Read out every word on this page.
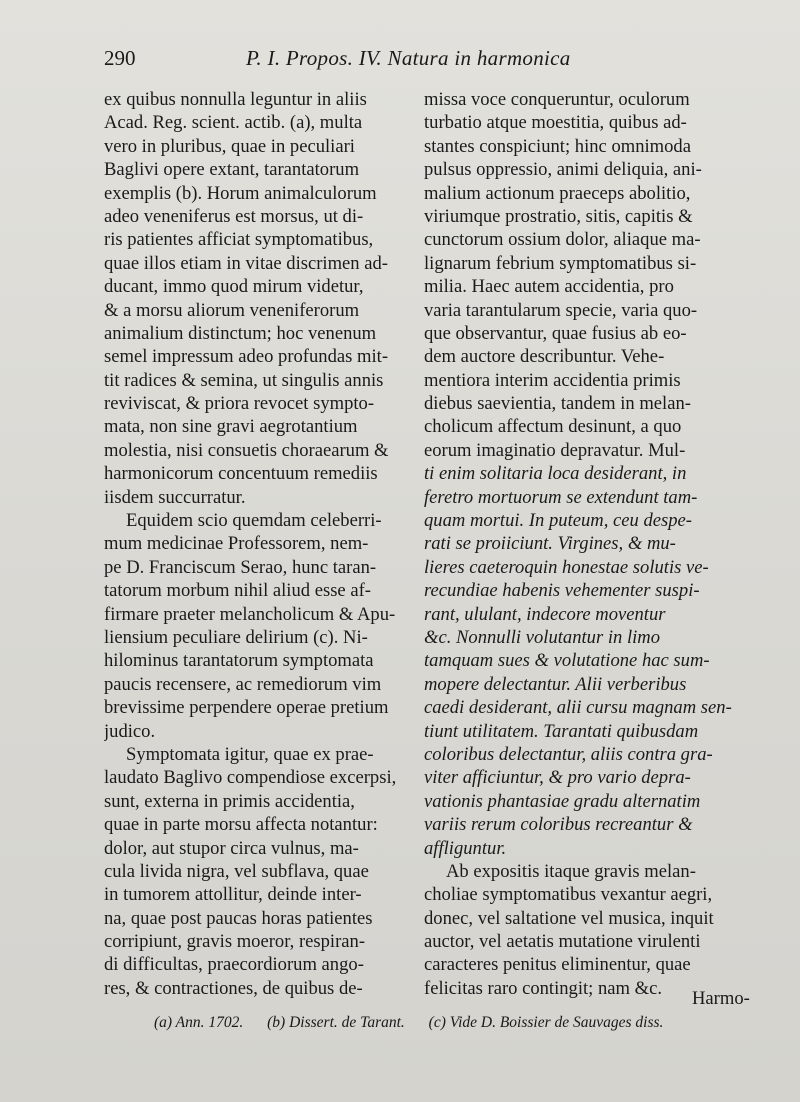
290	P. I. Propos. IV. Natura in harmonica
ex quibus nonnulla leguntur in aliis
Acad. Reg. scient. actib. (a), multa
vero in pluribus, quae in peculiari
Baglivi opere extant, tarantatorum
exemplis (b). Horum animalculorum
adeo veneniferus est morsus, ut di-
ris patientes afficiat symptomatibus,
quae illos etiam in vitae discrimen ad-
ducant, immo quod mirum videtur,
& a morsu aliorum veneniferorum
animalium distinctum; hoc venenum
semel impressum adeo profundas mit-
tit radices & semina, ut singulis annis
reviviscat, & priora revocet sympto-
mata, non sine gravi aegrotantium
molestia, nisi consuetis choraearum &
harmonicorum concentuum remediis
iisdem succurratur.
Equidem scio quemdam celeberri-
mum medicinae Professorem, nem-
pe D. Franciscum Serao, hunc taran-
tatorum morbum nihil aliud esse af-
firmare praeter melancholicum & Apu-
liensium peculiare delirium (c). Ni-
hilominus tarantatorum symptomata
paucis recensere, ac remediorum vim
brevissime perpendere operae pretium
judico.
Symptomata igitur, quae ex prae-
laudato Baglivo compendiose excerpsi,
sunt, externa in primis accidentia,
quae in parte morsu affecta notantur:
dolor, aut stupor circa vulnus, ma-
cula livida nigra, vel subflava, quae
in tumorem attollitur, deinde inter-
na, quae post paucas horas patientes
corripiunt, gravis moeror, respiran-
di difficultas, praecordiorum ango-
res, & contractiones, de quibus de-
missa voce conqueruntur, oculorum
turbatio atque moestitia, quibus ad-
stantes conspiciunt; hinc omnimoda
pulsus oppressio, animi deliquia, ani-
malium actionum praeceps abolitio,
viriumque prostratio, sitis, capitis &
cunctorum ossium dolor, aliaque ma-
lignarum febrium symptomatibus si-
milia. Haec autem accidentia, pro
varia tarantularum specie, varia quo-
que observantur, quae fusius ab eo-
dem auctore describuntur. Vehe-
mentiora interim accidentia primis
diebus saevientia, tandem in melan-
cholicum affectum desinunt, a quo
eorum imaginatio depravatur. Mul-
ti enim solitaria loca desiderant, in
feretro mortuorum se extendunt tam-
quam mortui. In puteum, ceu despe-
rati se proiiciunt. Virgines, & mu-
lieres caeteroquin honestae solutis ve-
recundiae habenis vehementer suspi-
rant, ululant, indecore moventur
&c. Nonnulli volutantur in limo
tamquam sues & volutatione hac sum-
mopere delectantur. Alii verberibus
caedi desiderant, alii cursu magnam sen-
tiunt utilitatem. Tarantati quibusdam
coloribus delectantur, aliis contra gra-
viter afficiuntur, & pro vario depra-
vationis phantasiae gradu alternatim
variis rerum coloribus recreantur &
affliguntur.
Ab expositis itaque gravis melan-
choliae symptomatibus vexantur aegri,
donec, vel saltatione vel musica, inquit
auctor, vel aetatis mutatione virulenti
caracteres penitus eliminentur, quae
felicitas raro contingit; nam &c.	Harmo-
(a) Ann. 1702. (b) Dissert. de Tarant. (c) Vide D. Boissier de Sauvages diss.
